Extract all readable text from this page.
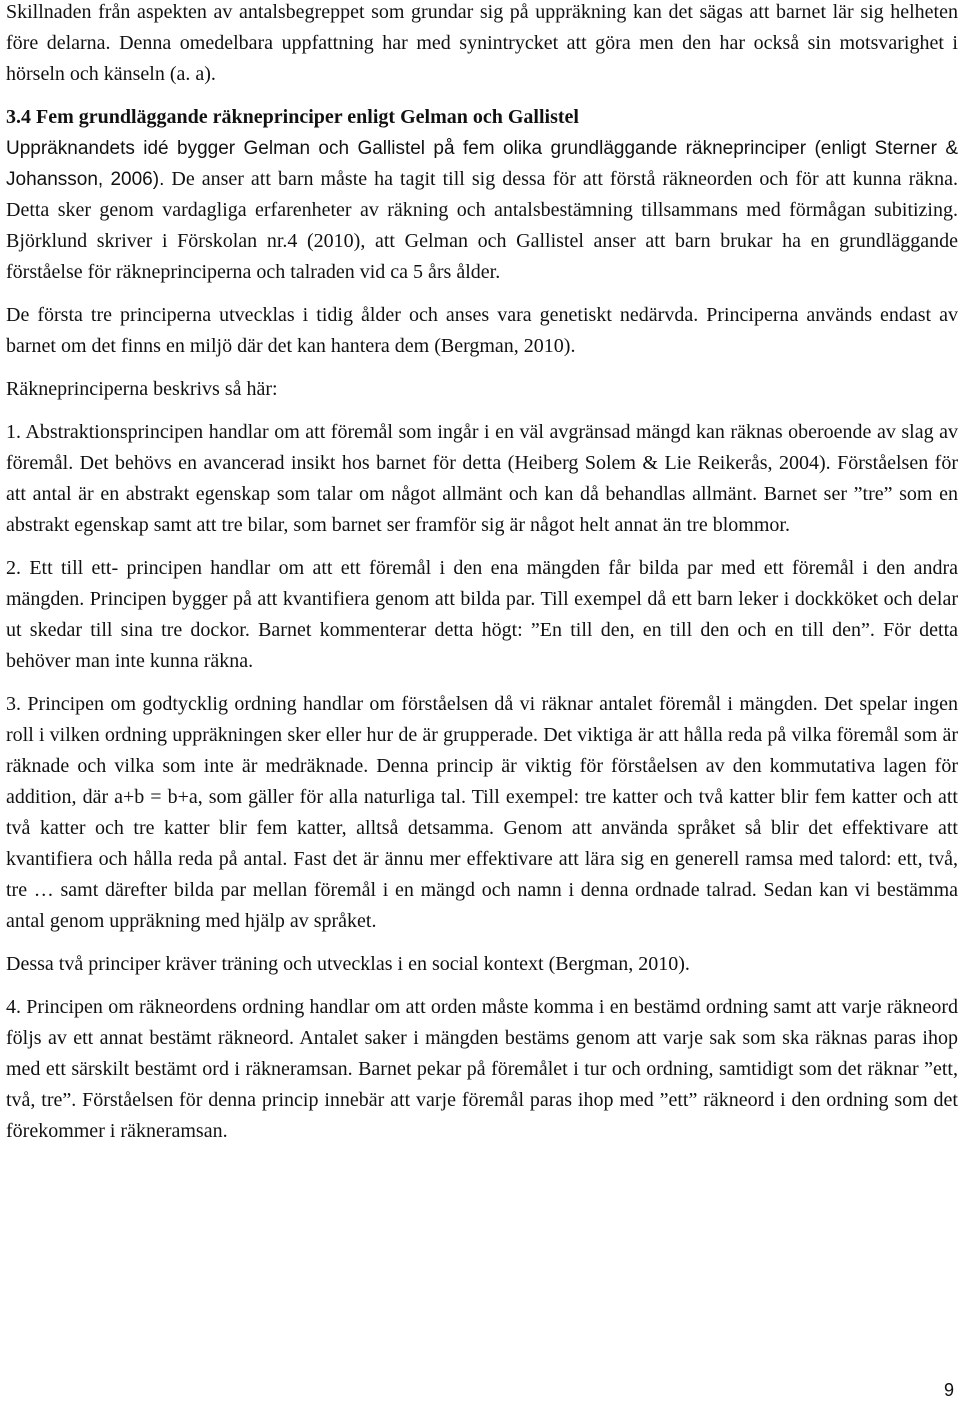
Skillnaden från aspekten av antalsbegreppet som grundar sig på uppräkning kan det sägas att barnet lär sig helheten före delarna. Denna omedelbara uppfattning har med synintrycket att göra men den har också sin motsvarighet i hörseln och känseln (a. a).

3.4 Fem grundläggande räkneprinciper enligt Gelman och Gallistel

Uppräknandets idé bygger Gelman och Gallistel på fem olika grundläggande räkneprinciper (enligt Sterner & Johansson, 2006). De anser att barn måste ha tagit till sig dessa för att förstå räkneorden och för att kunna räkna. Detta sker genom vardagliga erfarenheter av räkning och antalsbestämning tillsammans med förmågan subitizing. Björklund skriver i Förskolan nr.4 (2010), att Gelman och Gallistel anser att barn brukar ha en grundläggande förståelse för räkneprinciperna och talraden vid ca 5 års ålder.

De första tre principerna utvecklas i tidig ålder och anses vara genetiskt nedärvda. Principerna används endast av barnet om det finns en miljö där det kan hantera dem (Bergman, 2010).

Räkneprinciperna beskrivs så här:

1. Abstraktionsprincipen handlar om att föremål som ingår i en väl avgränsad mängd kan räknas oberoende av slag av föremål. Det behövs en avancerad insikt hos barnet för detta (Heiberg Solem & Lie Reikerås, 2004). Förståelsen för att antal är en abstrakt egenskap som talar om något allmänt och kan då behandlas allmänt. Barnet ser ”tre” som en abstrakt egenskap samt att tre bilar, som barnet ser framför sig är något helt annat än tre blommor.

2. Ett till ett- principen handlar om att ett föremål i den ena mängden får bilda par med ett föremål i den andra mängden. Principen bygger på att kvantifiera genom att bilda par. Till exempel då ett barn leker i dockköket och delar ut skedar till sina tre dockor. Barnet kommenterar detta högt: ”En till den, en till den och en till den”. För detta behöver man inte kunna räkna.

3. Principen om godtycklig ordning handlar om förståelsen då vi räknar antalet föremål i mängden. Det spelar ingen roll i vilken ordning uppräkningen sker eller hur de är grupperade. Det viktiga är att hålla reda på vilka föremål som är räknade och vilka som inte är medräknade. Denna princip är viktig för förståelsen av den kommutativa lagen för addition, där a+b = b+a, som gäller för alla naturliga tal. Till exempel: tre katter och två katter blir fem katter och att två katter och tre katter blir fem katter, alltså detsamma. Genom att använda språket så blir det effektivare att kvantifiera och hålla reda på antal. Fast det är ännu mer effektivare att lära sig en generell ramsa med talord: ett, två, tre … samt därefter bilda par mellan föremål i en mängd och namn i denna ordnade talrad. Sedan kan vi bestämma antal genom uppräkning med hjälp av språket.

Dessa två principer kräver träning och utvecklas i en social kontext (Bergman, 2010).

4. Principen om räkneordens ordning handlar om att orden måste komma i en bestämd ordning samt att varje räkneord följs av ett annat bestämt räkneord. Antalet saker i mängden bestäms genom att varje sak som ska räknas paras ihop med ett särskilt bestämt ord i räkneramsan. Barnet pekar på föremålet i tur och ordning, samtidigt som det räknar ”ett, två, tre”. Förståelsen för denna princip innebär att varje föremål paras ihop med ”ett” räkneord i den ordning som det förekommer i räkneramsan.

9
